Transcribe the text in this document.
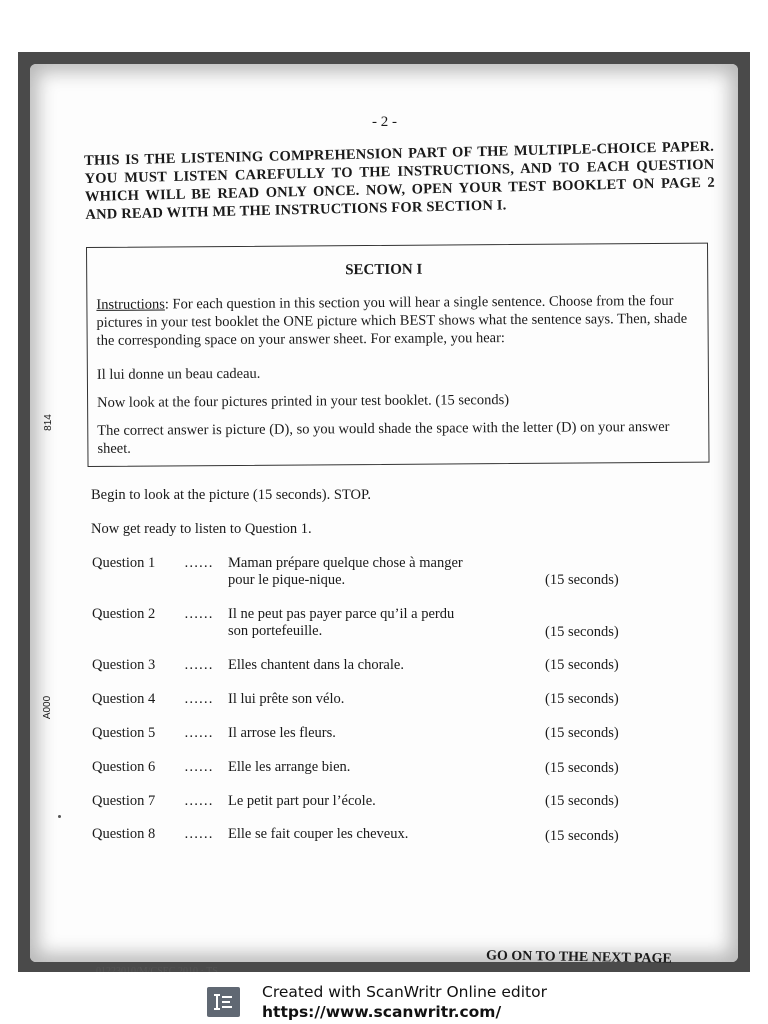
- 2 -
THIS IS THE LISTENING COMPREHENSION PART OF THE MULTIPLE-CHOICE PAPER. YOU MUST LISTEN CAREFULLY TO THE INSTRUCTIONS, AND TO EACH QUESTION WHICH WILL BE READ ONLY ONCE. NOW, OPEN YOUR TEST BOOKLET ON PAGE 2 AND READ WITH ME THE INSTRUCTIONS FOR SECTION I.
SECTION I
Instructions: For each question in this section you will hear a single sentence. Choose from the four pictures in your test booklet the ONE picture which BEST shows what the sentence says. Then, shade the corresponding space on your answer sheet. For example, you hear:
Il lui donne un beau cadeau.
Now look at the four pictures printed in your test booklet. (15 seconds)
The correct answer is picture (D), so you would shade the space with the letter (D) on your answer sheet.
Begin to look at the picture (15 seconds). STOP.
Now get ready to listen to Question 1.
Question 1 …… Maman prépare quelque chose à manger
pour le pique-nique.	(15 seconds)
Question 2 …… Il ne peut pas payer parce qu’il a perdu
son portefeuille.	(15 seconds)
Question 3 …… Elles chantent dans la chorale.	(15 seconds)
Question 4 …… Il lui prête son vélo.	(15 seconds)
Question 5 …… Il arrose les fleurs.	(15 seconds)
Question 6 …… Elle les arrange bien.	(15 seconds)
Question 7 …… Le petit part pour l’école.	(15 seconds)
Question 8 …… Elle se fait couper les cheveux.	(15 seconds)
814
A000
GO ON TO THE NEXT PAGE
Created with ScanWritr Online editor
https://www.scanwritr.com/
